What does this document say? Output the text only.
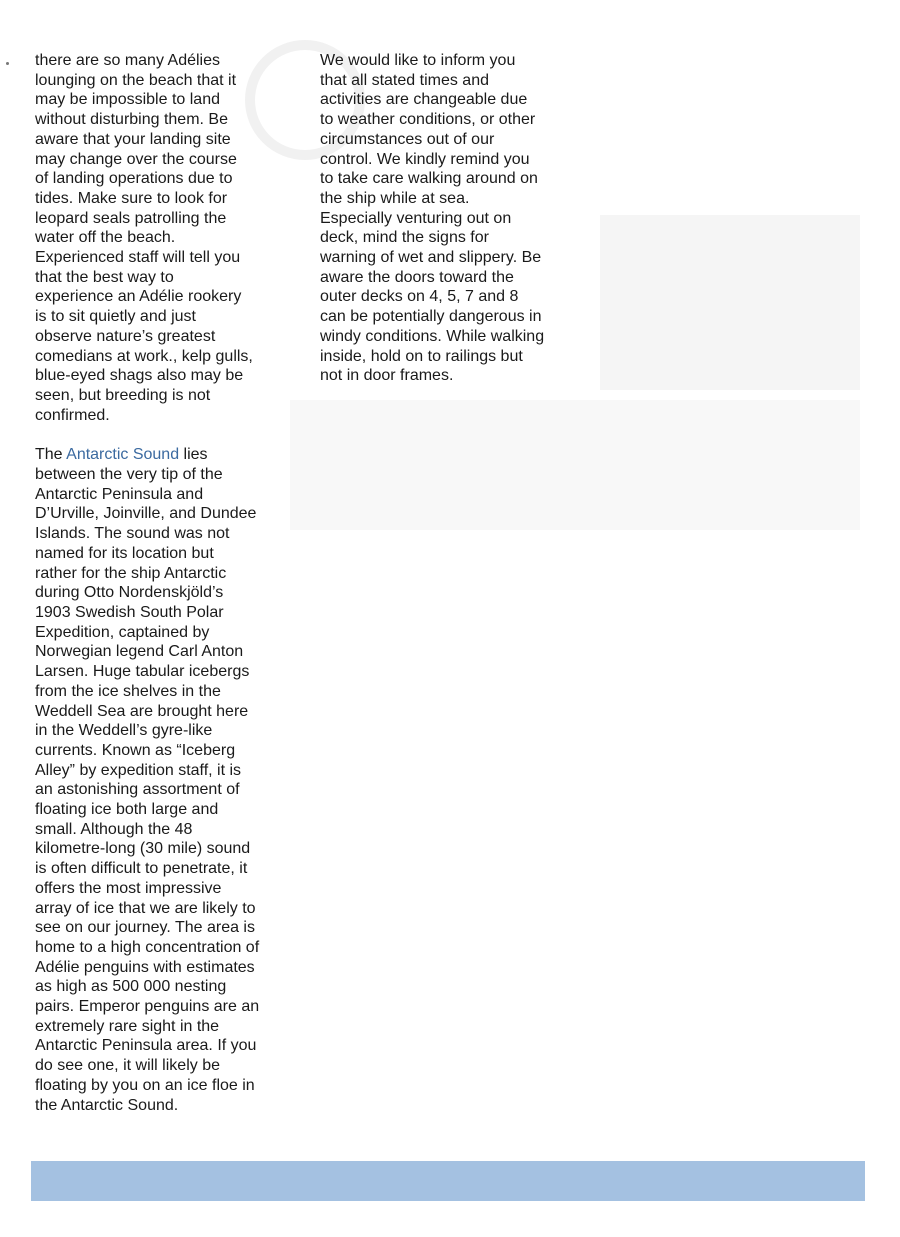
there are so many Adélies
lounging on the beach that it
may be impossible to land
without disturbing them. Be
aware that your landing site
may change over the course
of landing operations due to
tides. Make sure to look for
leopard seals patrolling the
water off the beach.
Experienced staff will tell you
that the best way to
experience an Adélie rookery
is to sit quietly and just
observe nature’s greatest
comedians at work., kelp gulls,
blue-eyed shags also may be
seen, but breeding is not
confirmed.

The Antarctic Sound lies
between the very tip of the
Antarctic Peninsula and
D’Urville, Joinville, and Dundee
Islands. The sound was not
named for its location but
rather for the ship Antarctic
during Otto Nordenskjöld’s
1903 Swedish South Polar
Expedition, captained by
Norwegian legend Carl Anton
Larsen. Huge tabular icebergs
from the ice shelves in the
Weddell Sea are brought here
in the Weddell’s gyre-like
currents. Known as “Iceberg
Alley” by expedition staff, it is
an astonishing assortment of
floating ice both large and
small. Although the 48
kilometre-long (30 mile) sound
is often difficult to penetrate, it
offers the most impressive
array of ice that we are likely to
see on our journey. The area is
home to a high concentration of
Adélie penguins with estimates
as high as 500 000 nesting
pairs. Emperor penguins are an
extremely rare sight in the
Antarctic Peninsula area. If you
do see one, it will likely be
floating by you on an ice floe in
the Antarctic Sound.

We would like to inform you
that all stated times and
activities are changeable due
to weather conditions, or other
circumstances out of our
control. We kindly remind you
to take care walking around on
the ship while at sea.
Especially venturing out on
deck, mind the signs for
warning of wet and slippery. Be
aware the doors toward the
outer decks on 4, 5, 7 and 8
can be potentially dangerous in
windy conditions. While walking
inside, hold on to railings but
not in door frames.
